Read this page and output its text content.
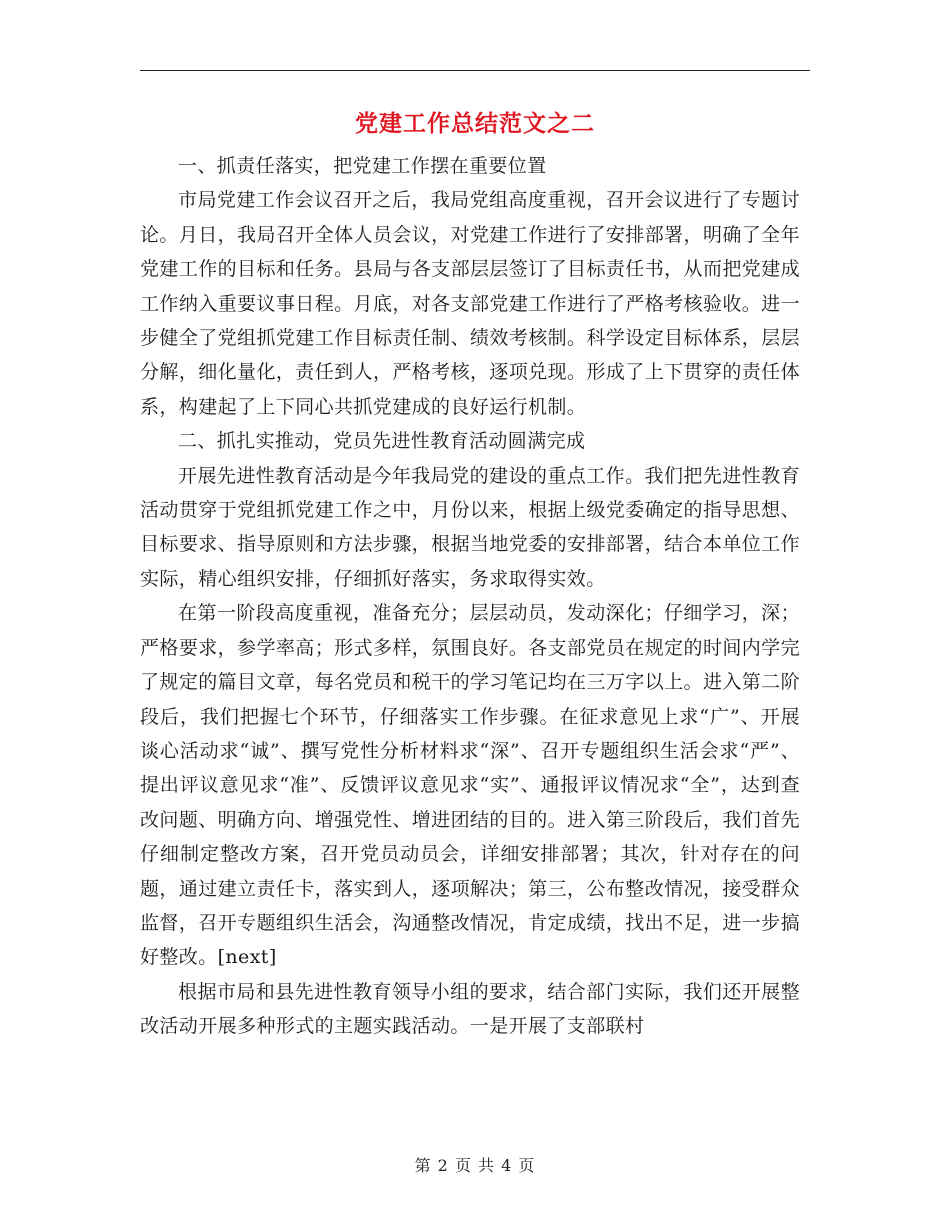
党建工作总结范文之二

一、抓责任落实，把党建工作摆在重要位置

市局党建工作会议召开之后，我局党组高度重视，召开会议进行了专题讨论。月日，我局召开全体人员会议，对党建工作进行了安排部署，明确了全年党建工作的目标和任务。县局与各支部层层签订了目标责任书，从而把党建成工作纳入重要议事日程。月底，对各支部党建工作进行了严格考核验收。进一步健全了党组抓党建工作目标责任制、绩效考核制。科学设定目标体系，层层分解，细化量化，责任到人，严格考核，逐项兑现。形成了上下贯穿的责任体系，构建起了上下同心共抓党建成的良好运行机制。

二、抓扎实推动，党员先进性教育活动圆满完成

开展先进性教育活动是今年我局党的建设的重点工作。我们把先进性教育活动贯穿于党组抓党建工作之中，月份以来，根据上级党委确定的指导思想、目标要求、指导原则和方法步骤，根据当地党委的安排部署，结合本单位工作实际，精心组织安排，仔细抓好落实，务求取得实效。

在第一阶段高度重视，准备充分；层层动员，发动深化；仔细学习，深；严格要求，参学率高；形式多样，氛围良好。各支部党员在规定的时间内学完了规定的篇目文章，每名党员和税干的学习笔记均在三万字以上。进入第二阶段后，我们把握七个环节，仔细落实工作步骤。在征求意见上求“广”、开展谈心活动求“诚”、撰写党性分析材料求“深”、召开专题组织生活会求“严”、提出评议意见求“准”、反馈评议意见求“实”、通报评议情况求“全”，达到查改问题、明确方向、增强党性、增进团结的目的。进入第三阶段后，我们首先仔细制定整改方案，召开党员动员会，详细安排部署；其次，针对存在的问题，通过建立责任卡，落实到人，逐项解决；第三，公布整改情况，接受群众监督，召开专题组织生活会，沟通整改情况，肯定成绩，找出不足，进一步搞好整改。[next]

根据市局和县先进性教育领导小组的要求，结合部门实际，我们还开展整改活动开展多种形式的主题实践活动。一是开展了支部联村

第 2 页 共 4 页
